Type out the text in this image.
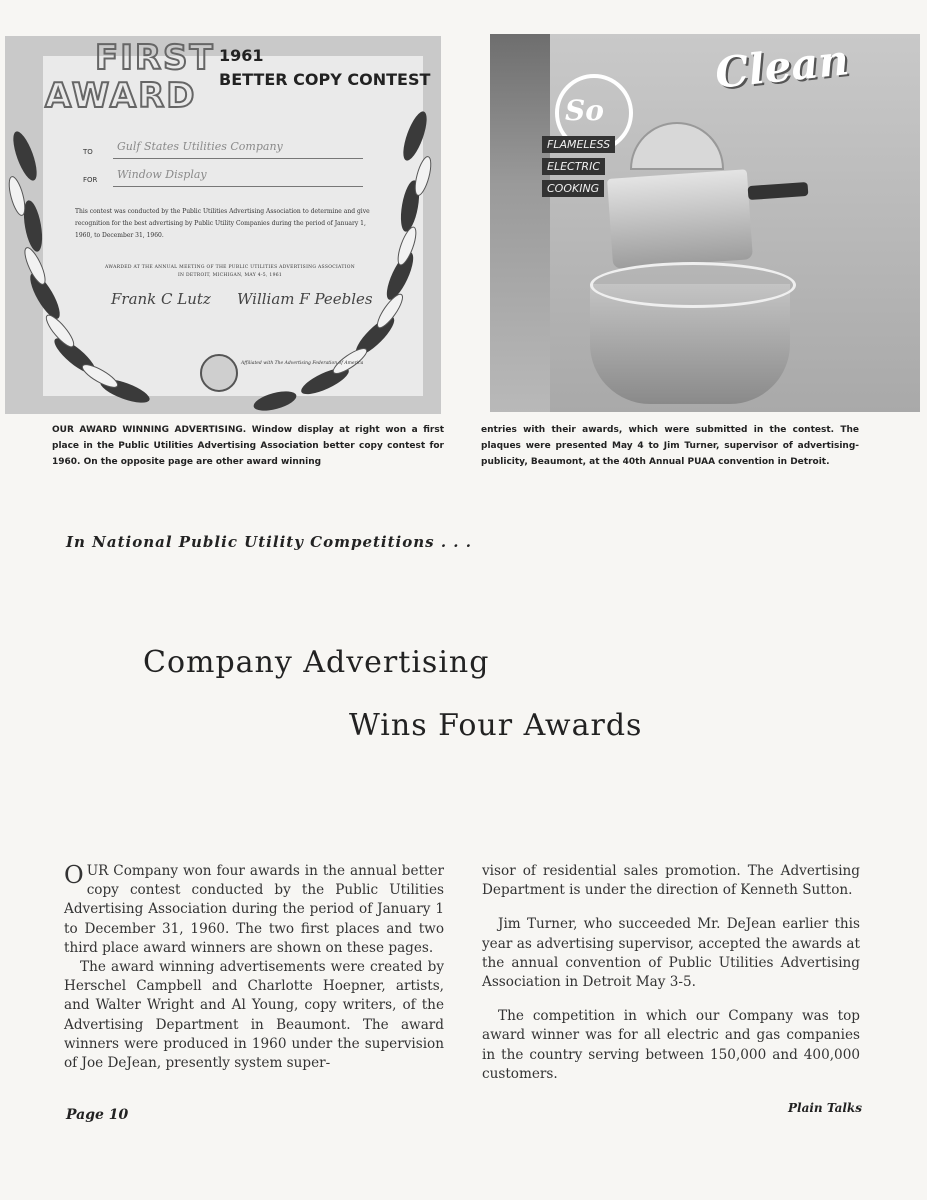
FIRST
AWARD
1961
BETTER COPY CONTEST
TO Gulf States Utilities Company
FOR Window Display
This contest was conducted by the Public Utilities Advertising Association to determine and give recognition for the best advertising by Public Utility Companies during the period of January 1, 1960, to December 31, 1960.
AWARDED AT THE ANNUAL MEETING OF THE PUBLIC UTILITIES ADVERTISING ASSOCIATION IN DETROIT, MICHIGAN, MAY 4-5, 1961
Frank C Lutz William F Peebles
Affiliated with The Advertising Federation of America
So
Clean
FLAMELESS
ELECTRIC
COOKING
OUR AWARD WINNING ADVERTISING. Window display at right won a first place in the Public Utilities Advertising Association better copy contest for 1960. On the opposite page are other award winning
entries with their awards, which were submitted in the contest. The plaques were presented May 4 to Jim Turner, supervisor of advertising-publicity, Beaumont, at the 40th Annual PUAA convention in Detroit.
In National Public Utility Competitions . . .
Company Advertising
Wins Four Awards

OUR Company won four awards in the annual better copy contest conducted by the Public Utilities Advertising Association during the period of January 1 to December 31, 1960. The two first places and two third place award winners are shown on these pages.

The award winning advertisements were created by Herschel Campbell and Charlotte Hoepner, artists, and Walter Wright and Al Young, copy writers, of the Advertising Department in Beaumont. The award winners were produced in 1960 under the supervision of Joe DeJean, presently system super-

visor of residential sales promotion. The Advertising Department is under the direction of Kenneth Sutton.

Jim Turner, who succeeded Mr. DeJean earlier this year as advertising supervisor, accepted the awards at the annual convention of Public Utilities Advertising Association in Detroit May 3-5.

The competition in which our Company was top award winner was for all electric and gas companies in the country serving between 150,000 and 400,000 customers.

Page 10	Plain Talks
